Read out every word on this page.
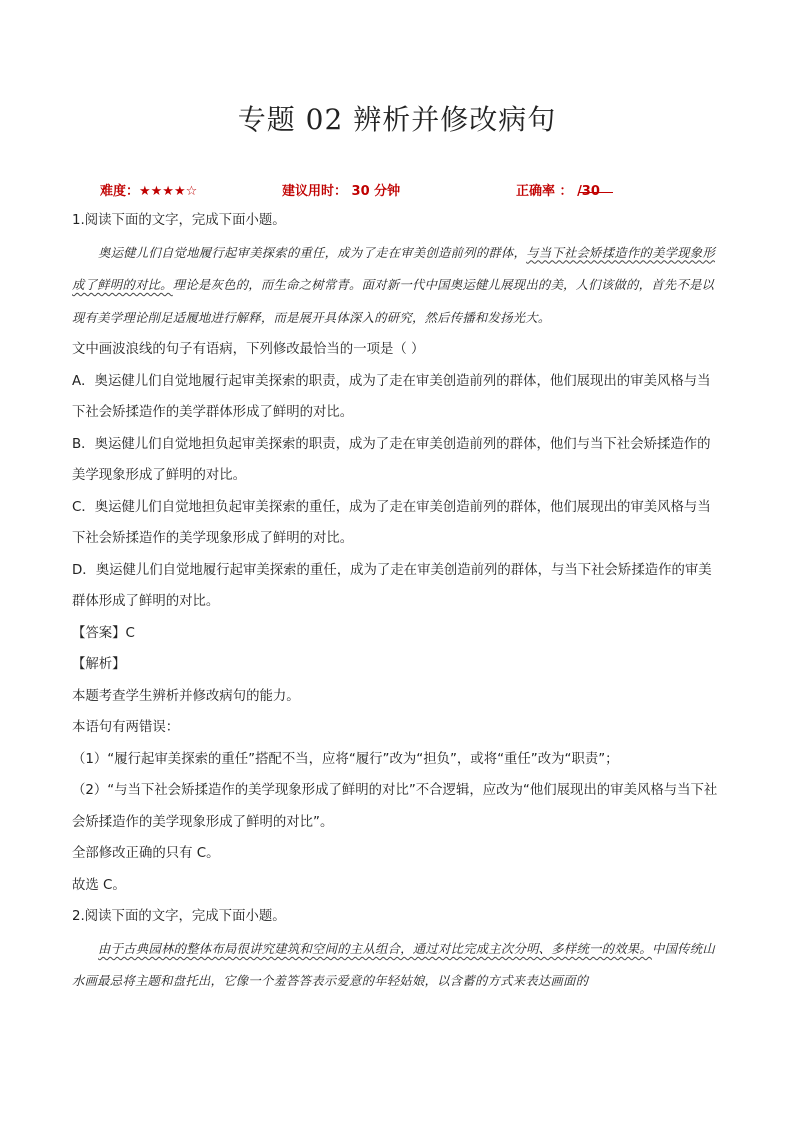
专题 02 辨析并修改病句
难度：★★★★☆	建议用时： 30 分钟	正确率 ： /30

1.阅读下面的文字，完成下面小题。

奥运健儿们自觉地履行起审美探索的重任，成为了走在审美创造前列的群体，与当下社会矫揉造作的美学现象形成了鲜明的对比。理论是灰色的，而生命之树常青。面对新一代中国奥运健儿展现出的美，人们该做的，首先不是以现有美学理论削足适履地进行解释，而是展开具体深入的研究，然后传播和发扬光大。

文中画波浪线的句子有语病，下列修改最恰当的一项是（ ）

A．奥运健儿们自觉地履行起审美探索的职责，成为了走在审美创造前列的群体，他们展现出的审美风格与当下社会矫揉造作的美学群体形成了鲜明的对比。

B．奥运健儿们自觉地担负起审美探索的职责，成为了走在审美创造前列的群体，他们与当下社会矫揉造作的美学现象形成了鲜明的对比。

C．奥运健儿们自觉地担负起审美探索的重任，成为了走在审美创造前列的群体，他们展现出的审美风格与当下社会矫揉造作的美学现象形成了鲜明的对比。

D．奥运健儿们自觉地履行起审美探索的重任，成为了走在审美创造前列的群体，与当下社会矫揉造作的审美群体形成了鲜明的对比。

【答案】C

【解析】

本题考查学生辨析并修改病句的能力。

本语句有两错误：

（1）“履行起审美探索的重任”搭配不当，应将“履行”改为“担负”，或将“重任”改为“职责”；

（2）“与当下社会矫揉造作的美学现象形成了鲜明的对比”不合逻辑，应改为“他们展现出的审美风格与当下社会矫揉造作的美学现象形成了鲜明的对比”。

全部修改正确的只有 C。

故选 C。

2.阅读下面的文字，完成下面小题。

由于古典园林的整体布局很讲究建筑和空间的主从组合，通过对比完成主次分明、多样统一的效果。中国传统山水画最忌将主题和盘托出，它像一个羞答答表示爱意的年轻姑娘，以含蓄的方式来表达画面的
